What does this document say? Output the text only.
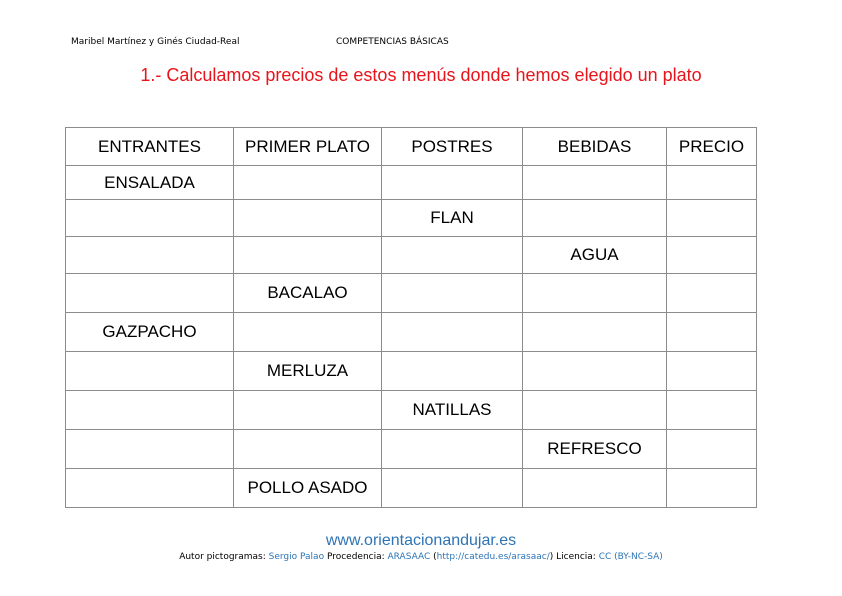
Maribel Martínez y Ginés Ciudad-Real	COMPETENCIAS BÁSICAS
1.- Calculamos precios de estos menús donde hemos elegido un plato
ENTRANTES	PRIMER PLATO	POSTRES	BEBIDAS	PRECIO
ENSALADA				
		FLAN		
			AGUA	
	BACALAO			
GAZPACHO				
	MERLUZA			
		NATILLAS		
			REFRESCO	
	POLLO ASADO			
www.orientacionandujar.es
Autor pictogramas: Sergio Palao Procedencia: ARASAAC (http://catedu.es/arasaac/) Licencia: CC (BY-NC-SA)
